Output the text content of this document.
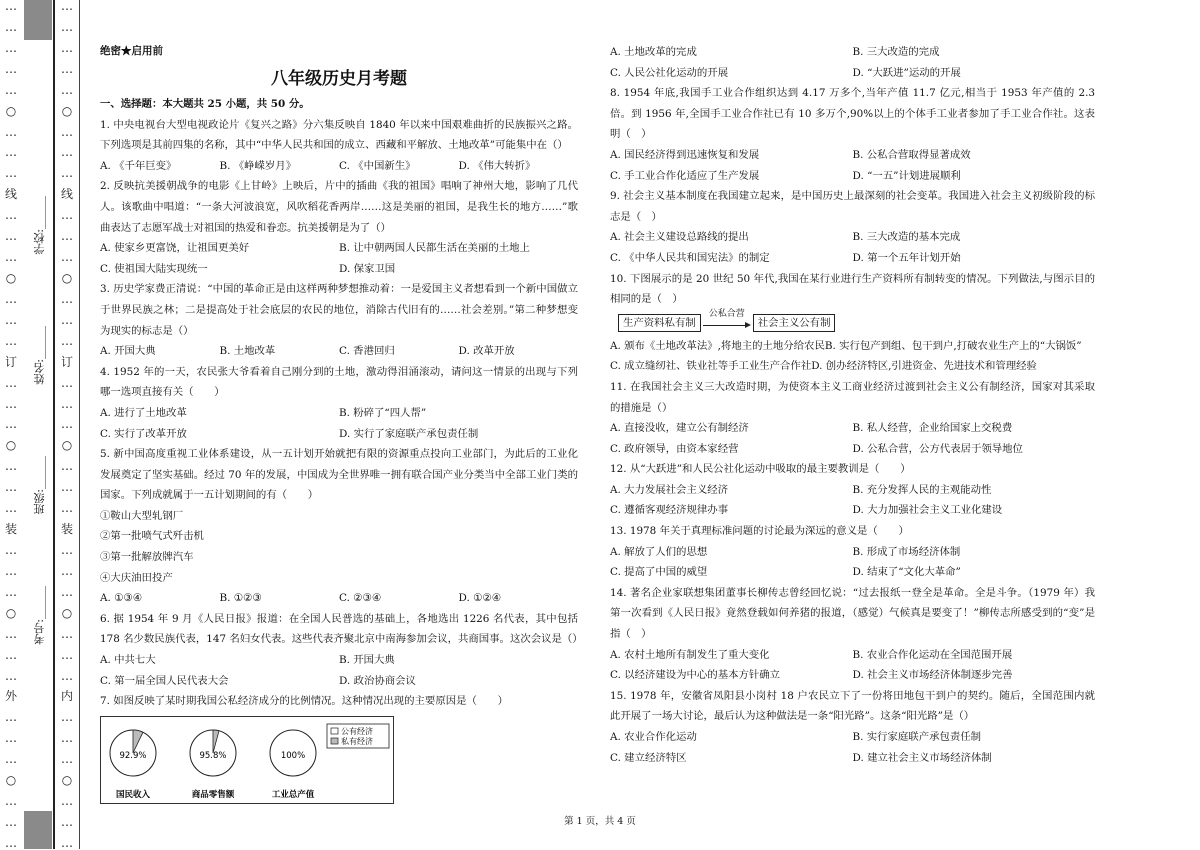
…
…
…
…
…
○
…
…
…
线
…
…
…
○
…
…
…
订
…
…
…
○
…
…
…
装
…
…
…
○
…
…
…
外
…
…
…
○
…
…
…
…
…
…
…
…
○
…
…
…
线
…
…
…
○
…
…
…
订
…
…
…
○
…
…
…
装
…
…
…
○
…
…
…
内
…
…
…
○
…
…
…
学校:______
姓名:______
班级:______
考号:______
绝密★启用前
八年级历史月考题
一、选择题：本大题共 25 小题，共 50 分。
1. 中央电视台大型电视政论片《复兴之路》分六集反映自 1840 年以来中国艰难曲折的民族振兴之路。下列选项是其前四集的名称，其中“中华人民共和国的成立、西藏和平解放、土地改革”可能集中在（）
A. 《千年巨变》	B. 《峥嵘岁月》	C. 《中国新生》	D. 《伟大转折》
2. 反映抗美援朝战争的电影《上甘岭》上映后，片中的插曲《我的祖国》唱响了神州大地，影响了几代人。该歌曲中唱道：“一条大河波浪宽，风吹稻花香两岸……这是美丽的祖国，是我生长的地方……”歌曲表达了志愿军战士对祖国的热爱和眷恋。抗美援朝是为了（）
A. 使家乡更富饶，让祖国更美好	B. 让中朝两国人民都生活在美丽的土地上
C. 使祖国大陆实现统一	D. 保家卫国
3. 历史学家费正清说：“中国的革命正是由这样两种梦想推动着：一是爱国主义者想看到一个新中国做立于世界民族之林；二是提高处于社会底层的农民的地位，消除古代旧有的……社会差别。”第二种梦想变为现实的标志是（）
A. 开国大典	B. 土地改革	C. 香港回归	D. 改革开放
4. 1952 年的一天，农民张大爷看着自己刚分到的土地，激动得泪涌滚动，请问这一情景的出现与下列哪一选项直接有关（　　）
A. 进行了土地改革	B. 粉碎了“四人帮”
C. 实行了改革开放	D. 实行了家庭联产承包责任制
5. 新中国高度重视工业体系建设，从一五计划开始就把有限的资源重点投向工业部门，为此后的工业化发展奠定了坚实基础。经过 70 年的发展，中国成为全世界唯一拥有联合国产业分类当中全部工业门类的国家。下列成就属于一五计划期间的有（　　）
①鞍山大型轧钢厂
②第一批喷气式歼击机
③第一批解放牌汽车
④大庆油田投产
A. ①③④	B. ①②③	C. ②③④	D. ①②④
6. 据 1954 年 9 月《人民日报》报道：在全国人民普选的基础上，各地选出 1226 名代表，其中包括 178 名少数民族代表，147 名妇女代表。这些代表齐聚北京中南海参加会议，共商国事。这次会议是（）
A. 中共七大	B. 开国大典
C. 第一届全国人民代表大会	D. 政治协商会议
7. 如图反映了某时期我国公私经济成分的比例情况。这种情况出现的主要原因是（　　）
92.9%
国民收入
95.8%
商品零售额
100%
工业总产值
公有经济
私有经济
A. 土地改革的完成	B. 三大改造的完成
C. 人民公社化运动的开展	D. “大跃进”运动的开展
8. 1954 年底,我国手工业合作组织达到 4.17 万多个,当年产值 11.7 亿元,相当于 1953 年产值的 2.3 倍。到 1956 年,全国手工业合作社已有 10 多万个,90%以上的个体手工业者参加了手工业合作社。这表明（　）
A. 国民经济得到迅速恢复和发展	B. 公私合营取得显著成效
C. 手工业合作化适应了生产发展	D. “一五”计划进展顺利
9. 社会主义基本制度在我国建立起来，是中国历史上最深刻的社会变革。我国进入社会主义初级阶段的标志是（　）
A. 社会主义建设总路线的提出	B. 三大改造的基本完成
C. 《中华人民共和国宪法》的制定	D. 第一个五年计划开始
10. 下图展示的是 20 世纪 50 年代,我国在某行业进行生产资料所有制转变的情况。下列做法,与图示目的相同的是（　）
生产资料私有制
公私合营
社会主义公有制
A. 颁布《土地改革法》,将地主的土地分给农民 B. 实行包产到组、包干到户,打破农业生产上的“大锅饭”
C. 成立缝纫社、铁业社等手工业生产合作社 D. 创办经济特区,引进资金、先进技术和管理经验
11. 在我国社会主义三大改造时期，为使资本主义工商业经济过渡到社会主义公有制经济，国家对其采取的措施是（）
A. 直接没收，建立公有制经济	B. 私人经营，企业给国家上交税费
C. 政府领导，由资本家经营	D. 公私合营，公方代表居于领导地位
12. 从“大跃进”和人民公社化运动中吸取的最主要教训是（　　）
A. 大力发展社会主义经济	B. 充分发挥人民的主观能动性
C. 遵循客观经济规律办事	D. 大力加强社会主义工业化建设
13. 1978 年关于真理标准问题的讨论最为深远的意义是（　　）
A. 解放了人们的思想	B. 形成了市场经济体制
C. 提高了中国的威望	D. 结束了“文化大革命”
14. 著名企业家联想集团董事长柳传志曾经回忆说：“过去报纸一登全是革命。全是斗争。（1979 年）我第一次看到《人民日报》竟然登载如何养猪的报道，（感觉）气候真是要变了！”柳传志所感受到的“变”是指（　）
A. 农村土地所有制发生了重大变化	B. 农业合作化运动在全国范围开展
C. 以经济建设为中心的基本方针确立	D. 社会主义市场经济体制逐步完善
15. 1978 年，安徽省凤阳县小岗村 18 户农民立下了一份将田地包干到户的契约。随后，全国范围内就此开展了一场大讨论，最后认为这种做法是一条“阳光路”。这条“阳光路”是（）
A. 农业合作化运动	B. 实行家庭联产承包责任制
C. 建立经济特区	D. 建立社会主义市场经济体制
第 1 页，共 4 页
